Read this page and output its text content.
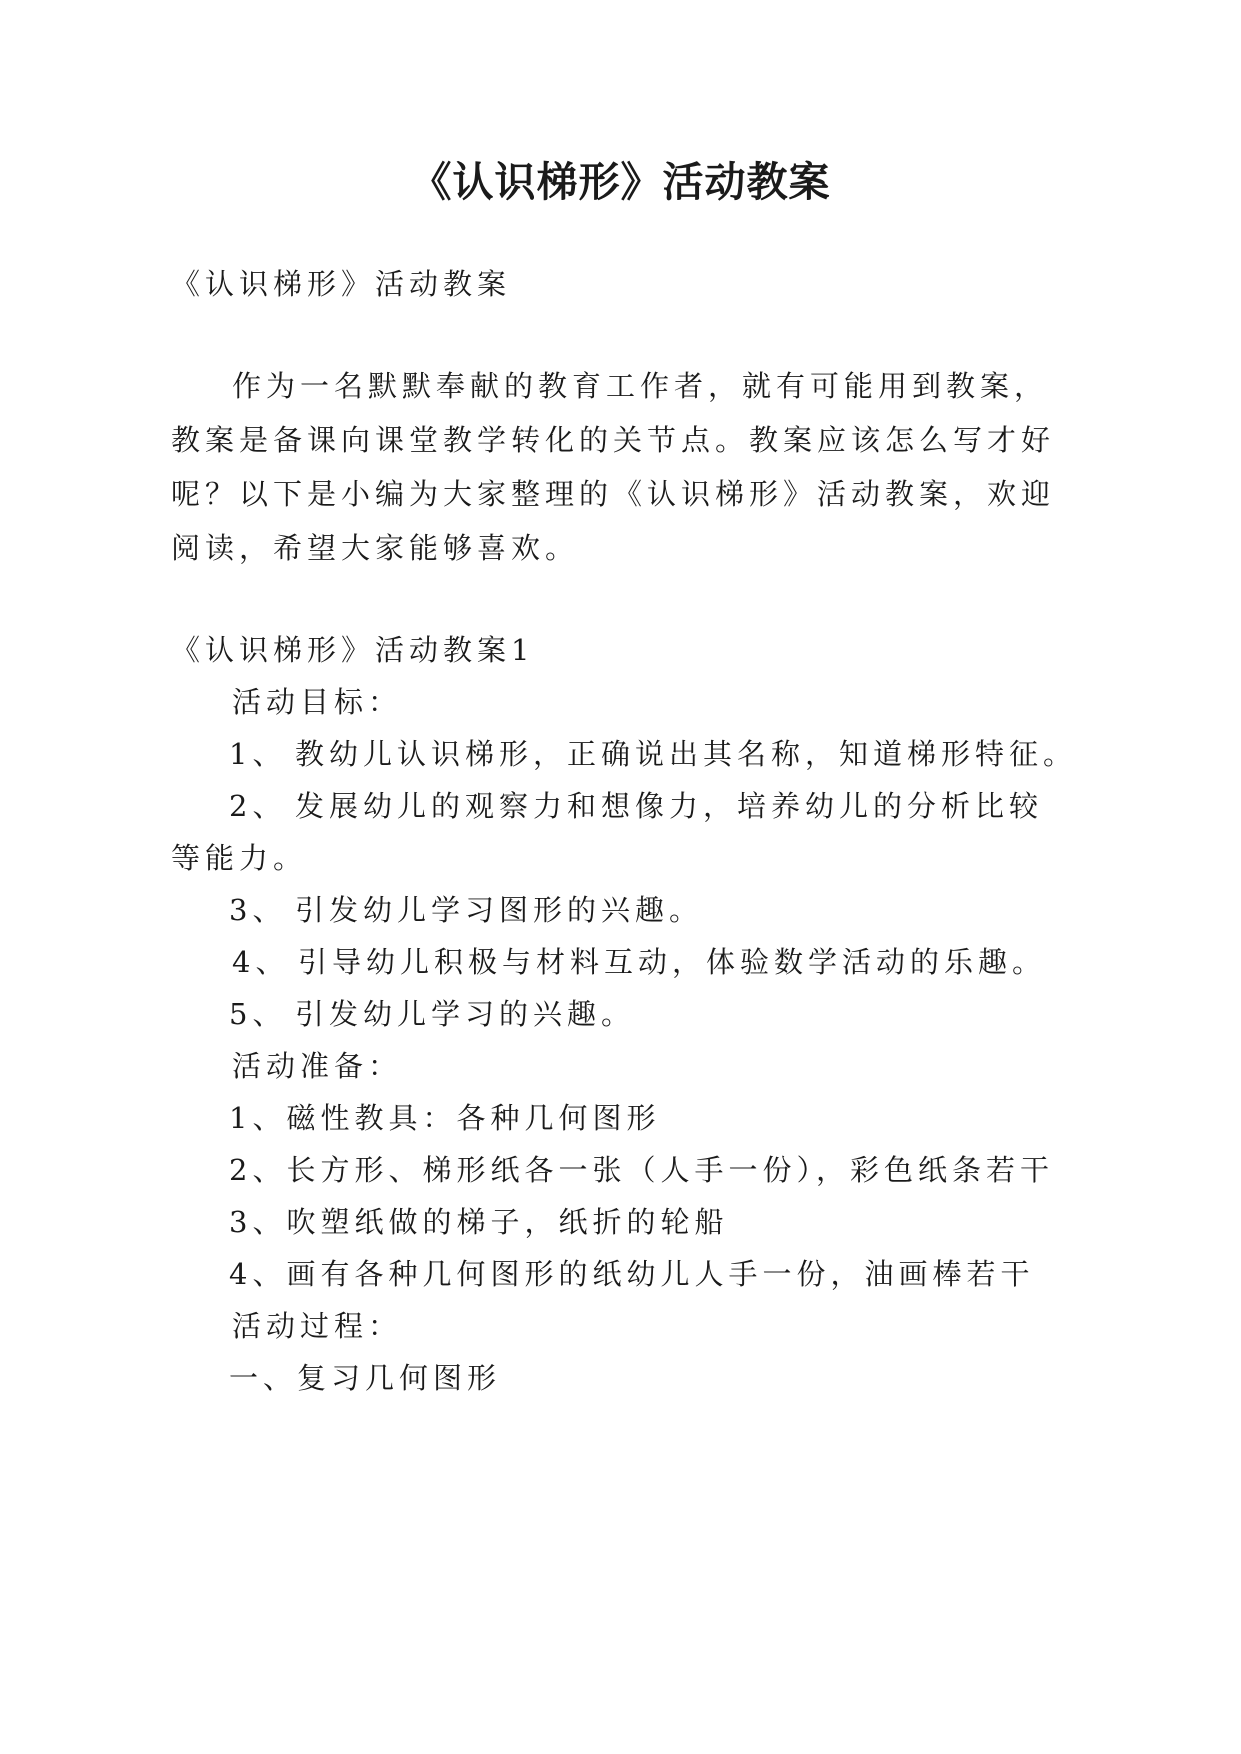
《认识梯形》活动教案

《认识梯形》活动教案

作为一名默默奉献的教育工作者，就有可能用到教案，

教案是备课向课堂教学转化的关节点。教案应该怎么写才好

呢？以下是小编为大家整理的《认识梯形》活动教案，欢迎

阅读，希望大家能够喜欢。

《认识梯形》活动教案1

活动目标：

1、 教幼儿认识梯形，正确说出其名称，知道梯形特征。

2、 发展幼儿的观察力和想像力，培养幼儿的分析比较

等能力。

3、 引发幼儿学习图形的兴趣。

4、 引导幼儿积极与材料互动，体验数学活动的乐趣。

5、 引发幼儿学习的兴趣。

活动准备：

1、磁性教具：各种几何图形

2、长方形、梯形纸各一张（人手一份），彩色纸条若干

3、吹塑纸做的梯子，纸折的轮船

4、画有各种几何图形的纸幼儿人手一份，油画棒若干

活动过程：

一、复习几何图形
